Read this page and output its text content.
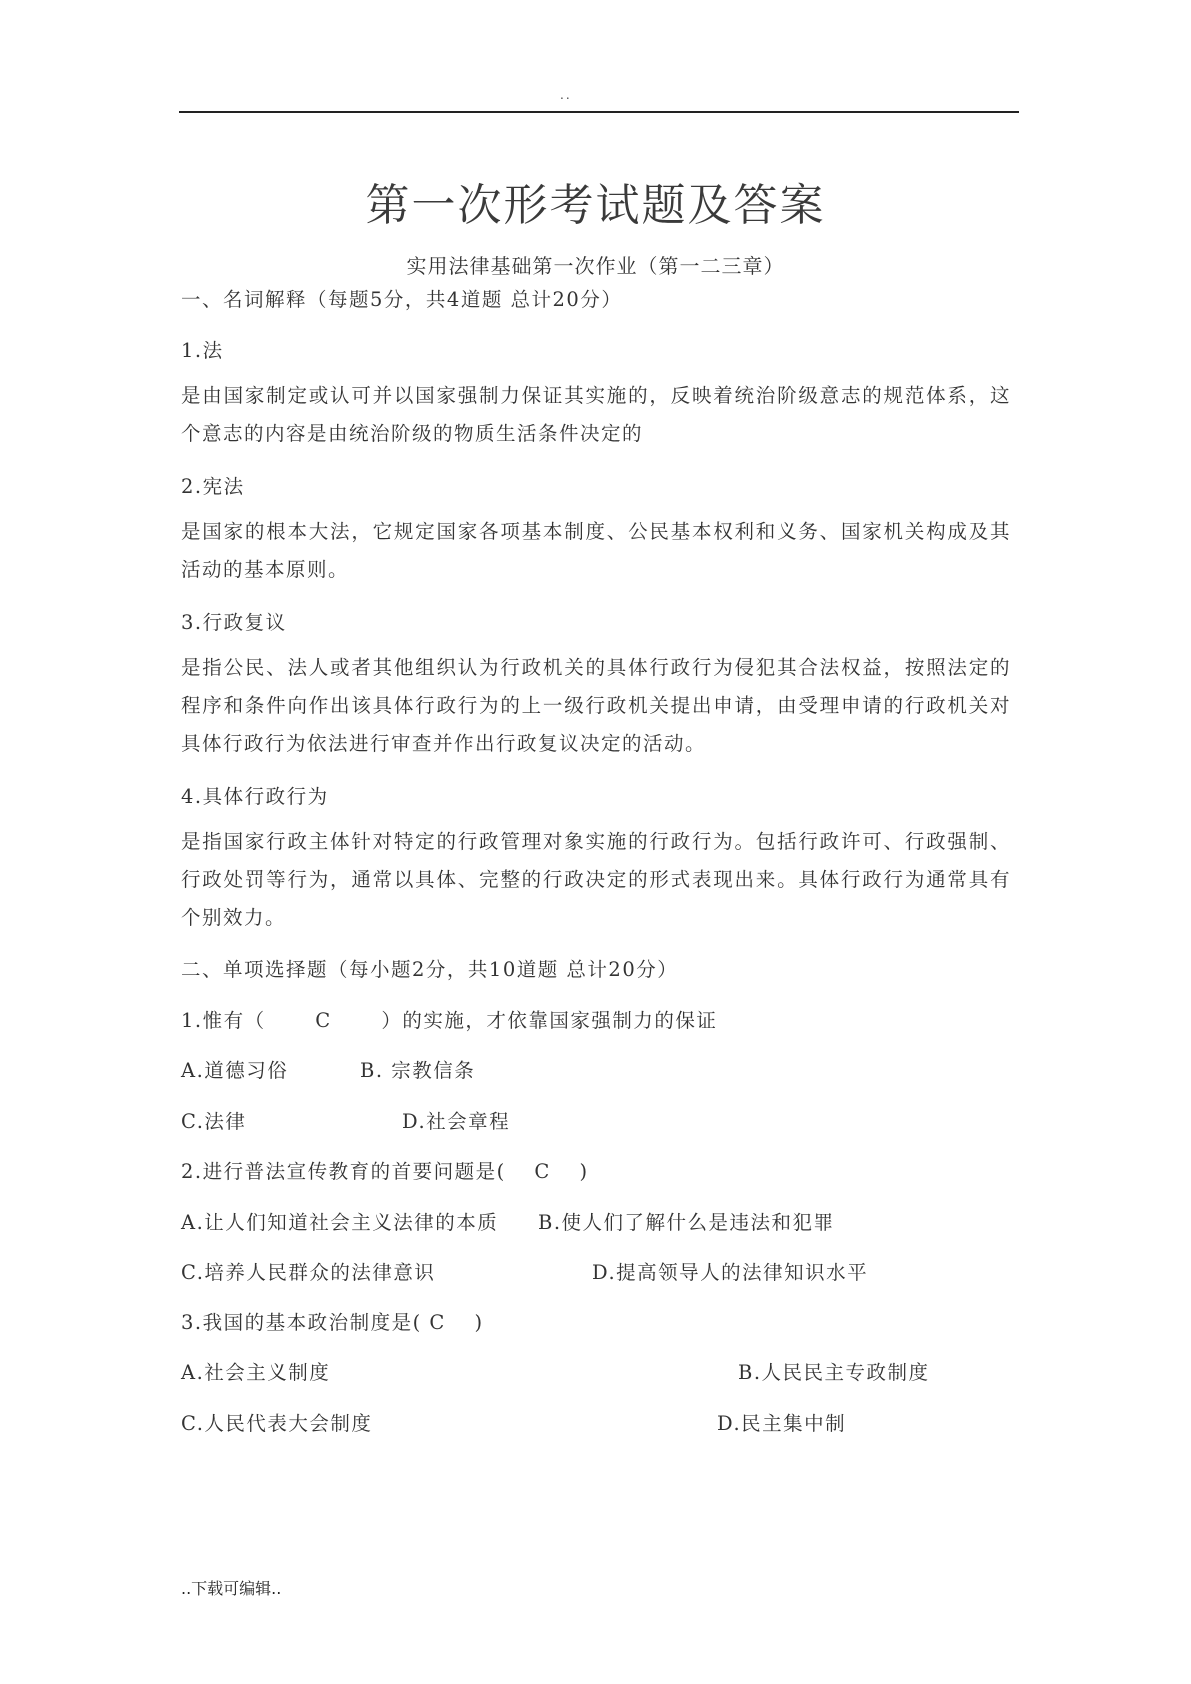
..
第一次形考试题及答案
实用法律基础第一次作业（第一二三章）
一、名词解释（每题5分，共4道题 总计20分）
1.法
是由国家制定或认可并以国家强制力保证其实施的，反映着统治阶级意志的规范体系，这个意志的内容是由统治阶级的物质生活条件决定的
2.宪法
是国家的根本大法，它规定国家各项基本制度、公民基本权利和义务、国家机关构成及其活动的基本原则。
3.行政复议
是指公民、法人或者其他组织认为行政机关的具体行政行为侵犯其合法权益，按照法定的程序和条件向作出该具体行政行为的上一级行政机关提出申请，由受理申请的行政机关对具体行政行为依法进行审查并作出行政复议决定的活动。
4.具体行政行为
是指国家行政主体针对特定的行政管理对象实施的行政行为。包括行政许可、行政强制、行政处罚等行为，通常以具体、完整的行政决定的形式表现出来。具体行政行为通常具有个别效力。
二、单项选择题（每小题2分，共10道题 总计20分）
1.惟有（　　 C　　 ）的实施，才依靠国家强制力的保证
A.道德习俗	B. 宗教信条
C.法律	D.社会章程
2.进行普法宣传教育的首要问题是(　 C　 )
A.让人们知道社会主义法律的本质 B.使人们了解什么是违法和犯罪
C.培养人民群众的法律意识	D.提高领导人的法律知识水平
3.我国的基本政治制度是( C　 )
A.社会主义制度	B.人民民主专政制度
C.人民代表大会制度	D.民主集中制
..下载可编辑..
